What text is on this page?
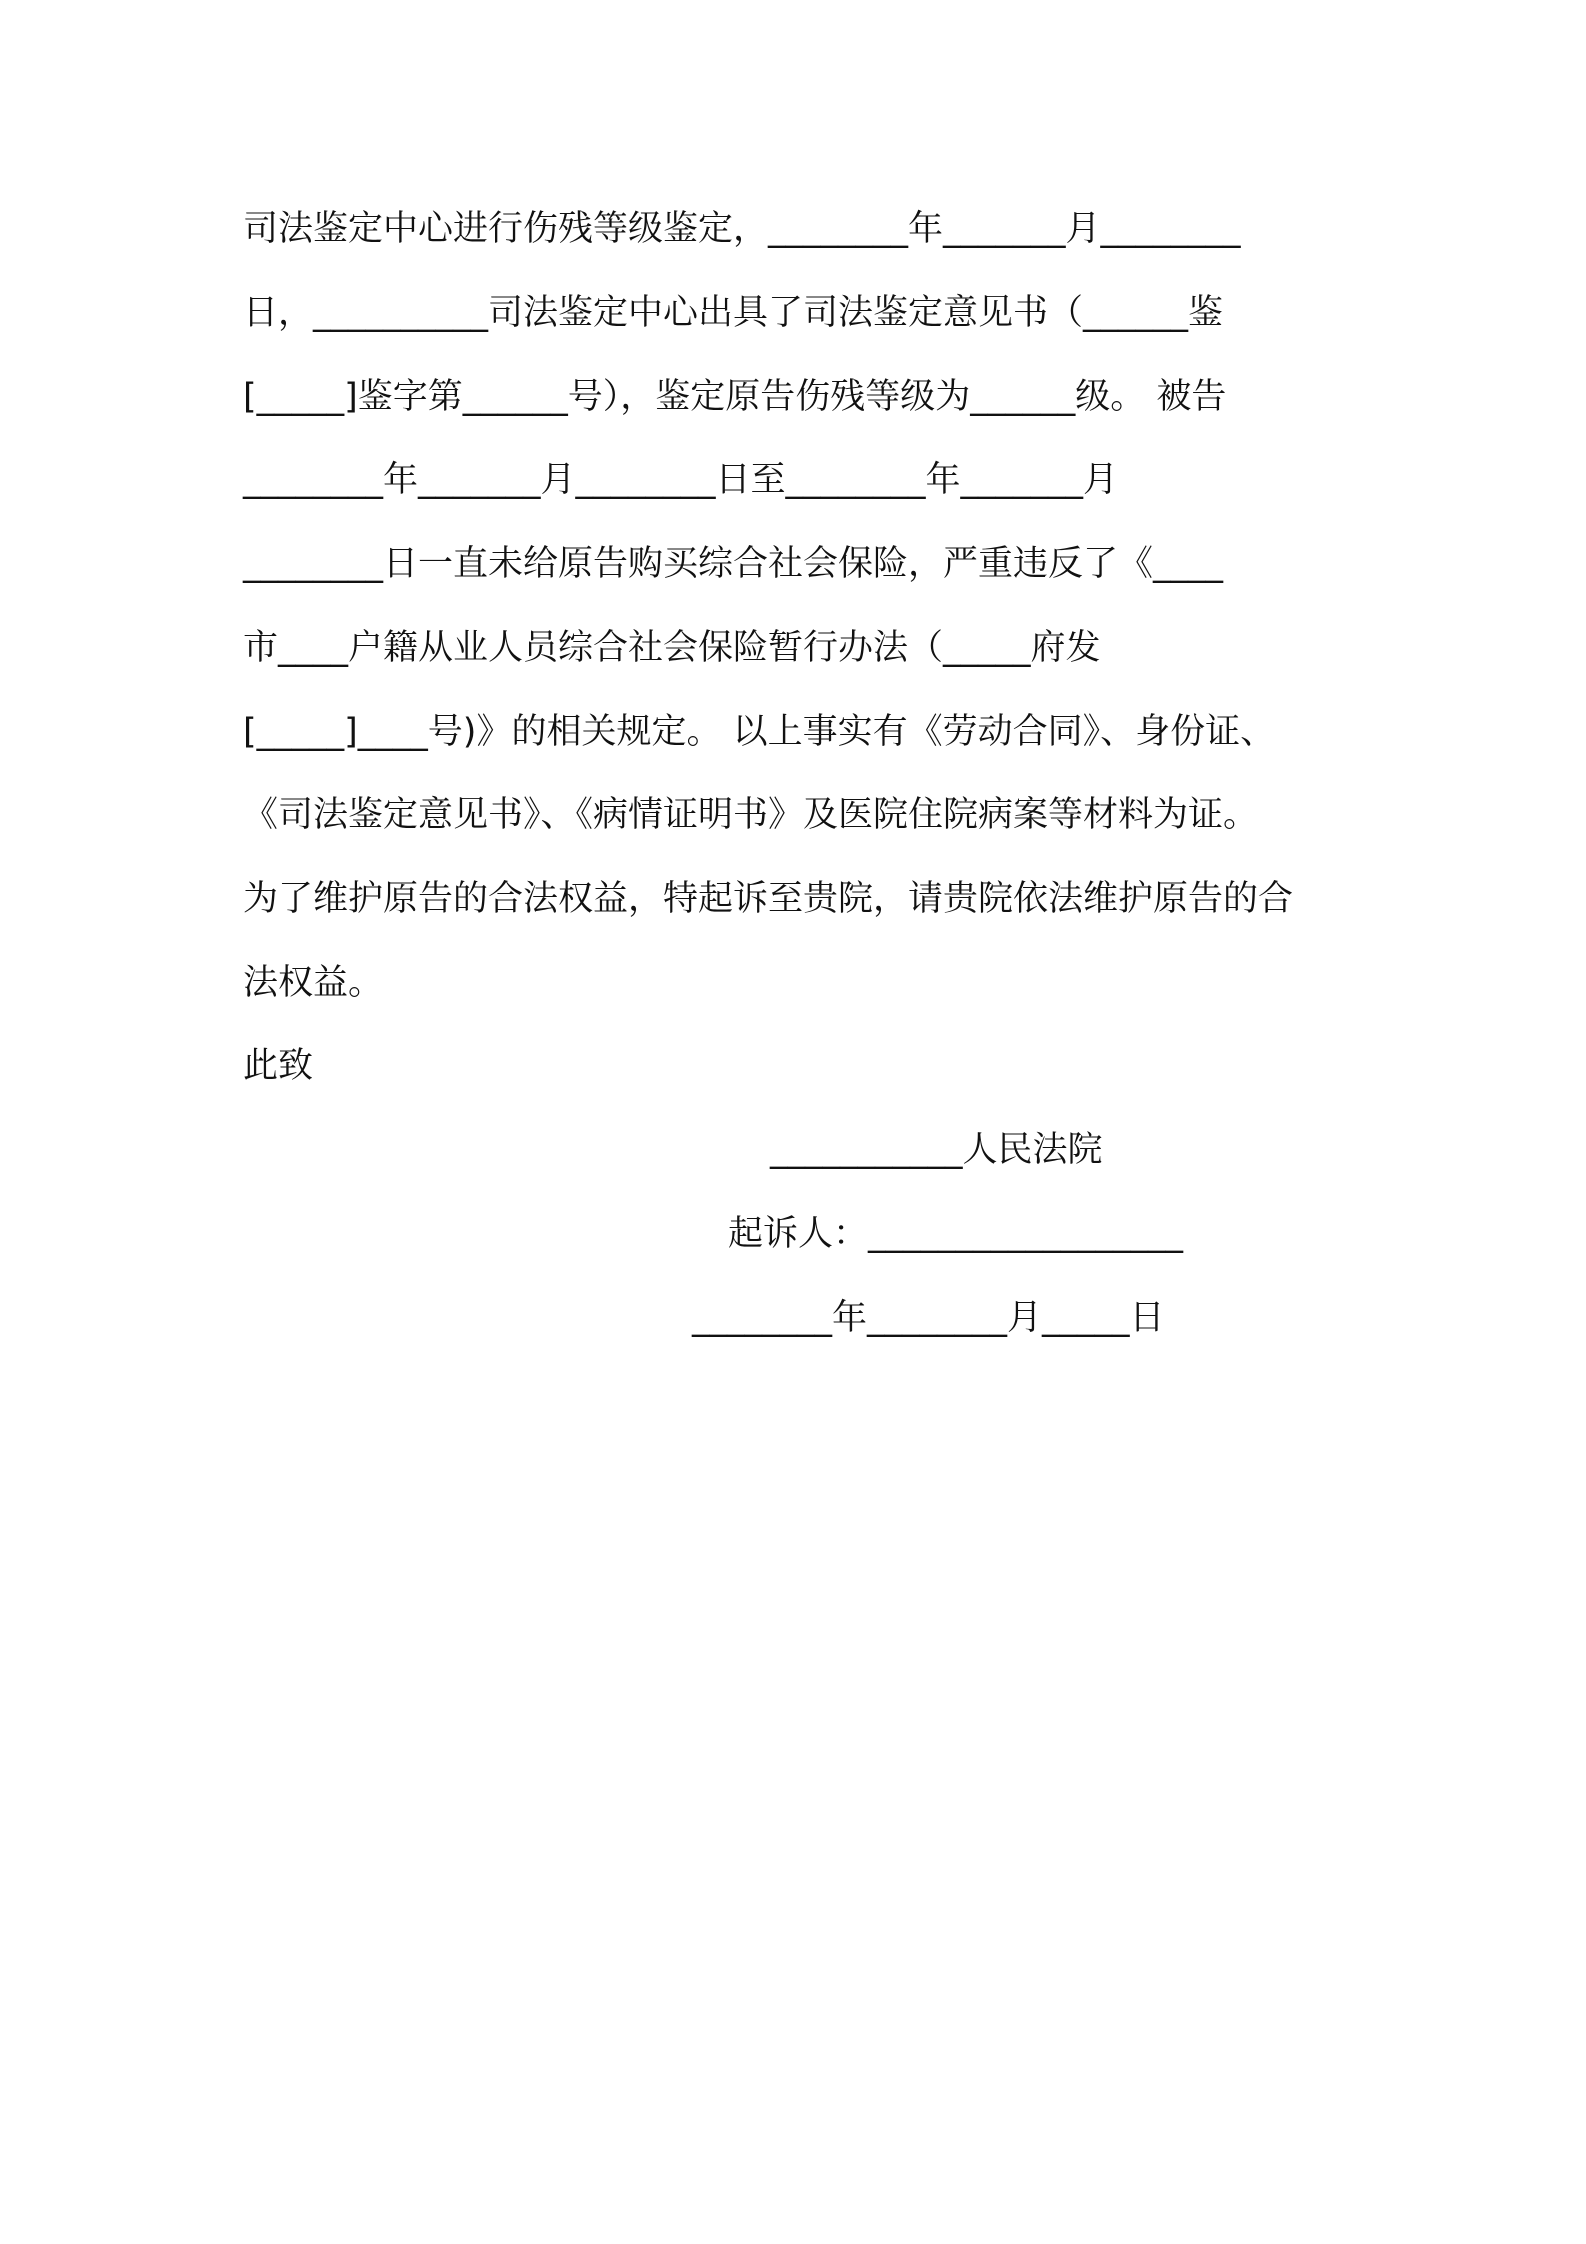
司法鉴定中心进行伤残等级鉴定，________年_______月________
日，__________司法鉴定中心出具了司法鉴定意见书（______鉴
[_____]鉴字第______号），鉴定原告伤残等级为______级。 被告
________年_______月________日至________年_______月
________日一直未给原告购买综合社会保险，严重违反了《____
市____户籍从业人员综合社会保险暂行办法（_____府发
[_____]____号)》的相关规定。 以上事实有《劳动合同》、身份证、
《司法鉴定意见书》、《病情证明书》及医院住院病案等材料为证。
为了维护原告的合法权益，特起诉至贵院，请贵院依法维护原告的合
法权益。
此致
___________人民法院
起诉人：__________________
________年________月_____日
